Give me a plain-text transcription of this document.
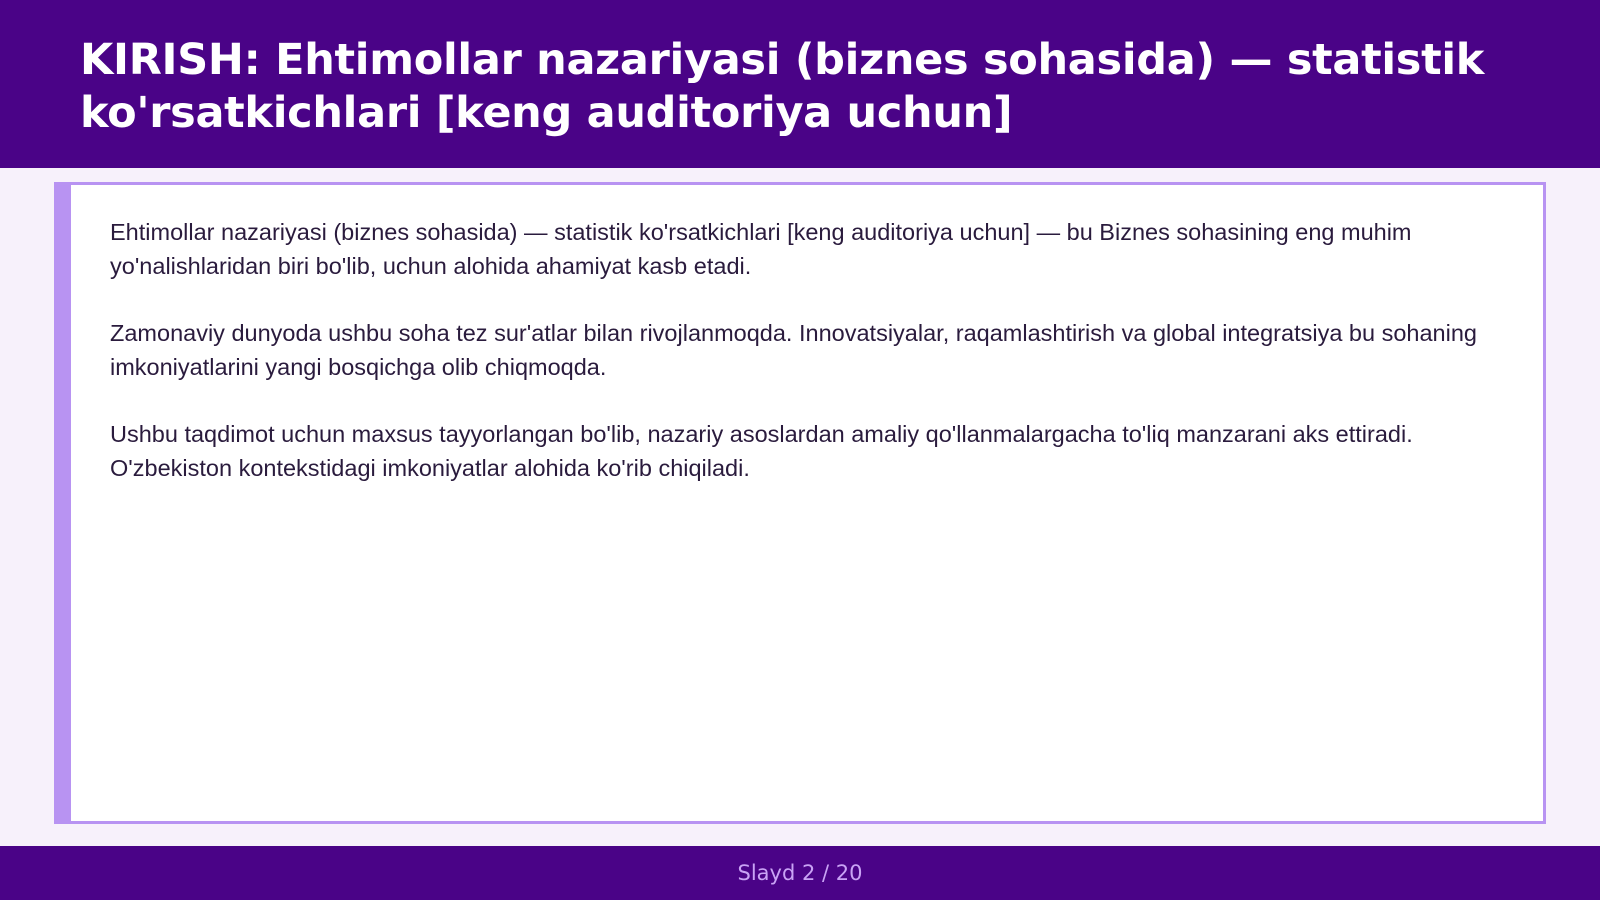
KIRISH: Ehtimollar nazariyasi (biznes sohasida) — statistik ko'rsatkichlari [keng auditoriya uchun]

Ehtimollar nazariyasi (biznes sohasida) — statistik ko'rsatkichlari [keng auditoriya uchun] — bu Biznes sohasining eng muhim yo'nalishlaridan biri bo'lib, uchun alohida ahamiyat kasb etadi.

Zamonaviy dunyoda ushbu soha tez sur'atlar bilan rivojlanmoqda. Innovatsiyalar, raqamlashtirish va global integratsiya bu sohaning imkoniyatlarini yangi bosqichga olib chiqmoqda.

Ushbu taqdimot uchun maxsus tayyorlangan bo'lib, nazariy asoslardan amaliy qo'llanmalargacha to'liq manzarani aks ettiradi. O'zbekiston kontekstidagi imkoniyatlar alohida ko'rib chiqiladi.

Slayd 2 / 20
